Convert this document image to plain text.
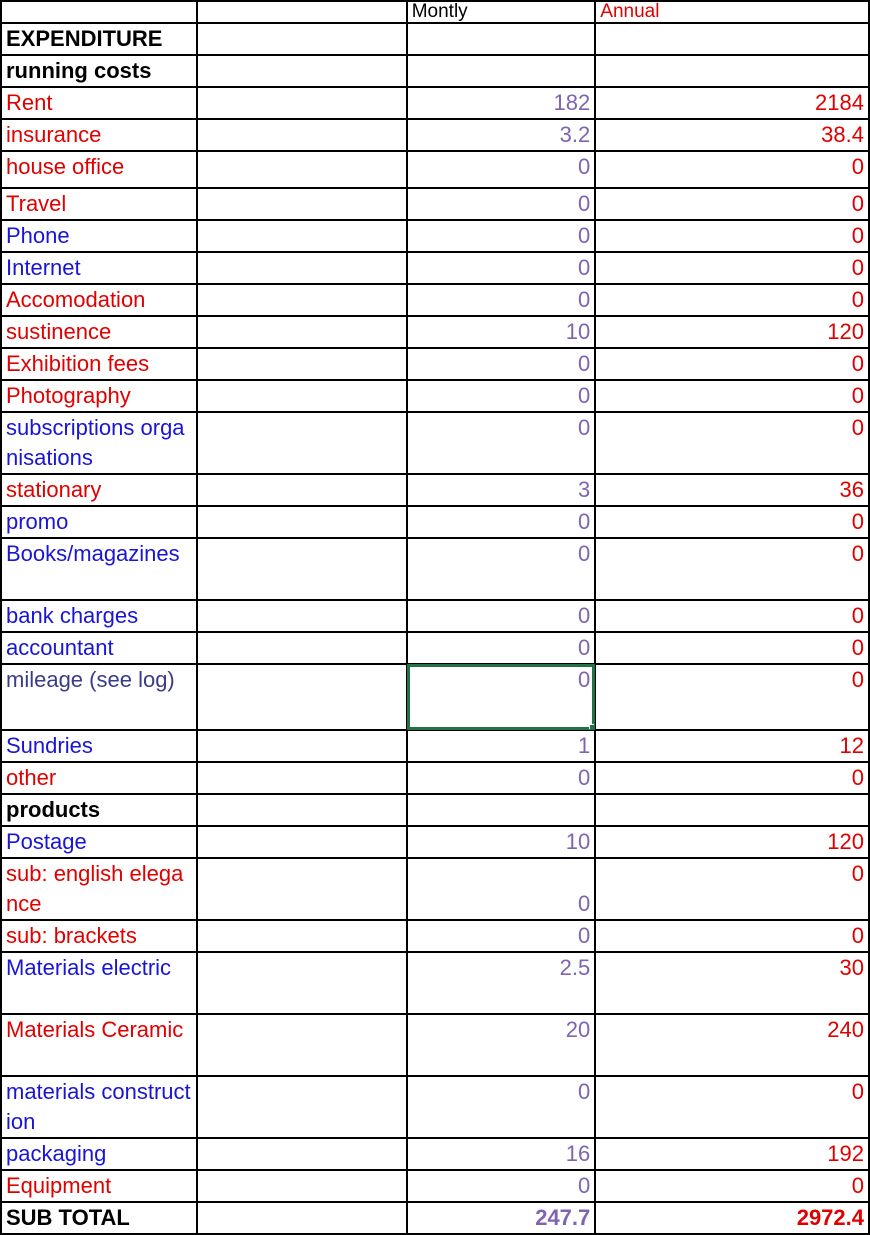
		Montly	Annual
EXPENDITURE			
running costs			
Rent		182	2184
insurance		3.2	38.4
house office		0	0
Travel		0	0
Phone		0	0
Internet		0	0
Accomodation		0	0
sustinence		10	120
Exhibition fees		0	0
Photography		0	0
subscriptions organisations		0	0
stationary		3	36
promo		0	0
Books/magazines		0	0
bank charges		0	0
accountant		0	0
mileage (see log)		0	0
Sundries		1	12
other		0	0
products			
Postage		10	120
sub: english elegance		0	0
sub: brackets		0	0
Materials electric		2.5	30
Materials Ceramic		20	240
materials construction		0	0
packaging		16	192
Equipment		0	0
SUB TOTAL		247.7	2972.4
